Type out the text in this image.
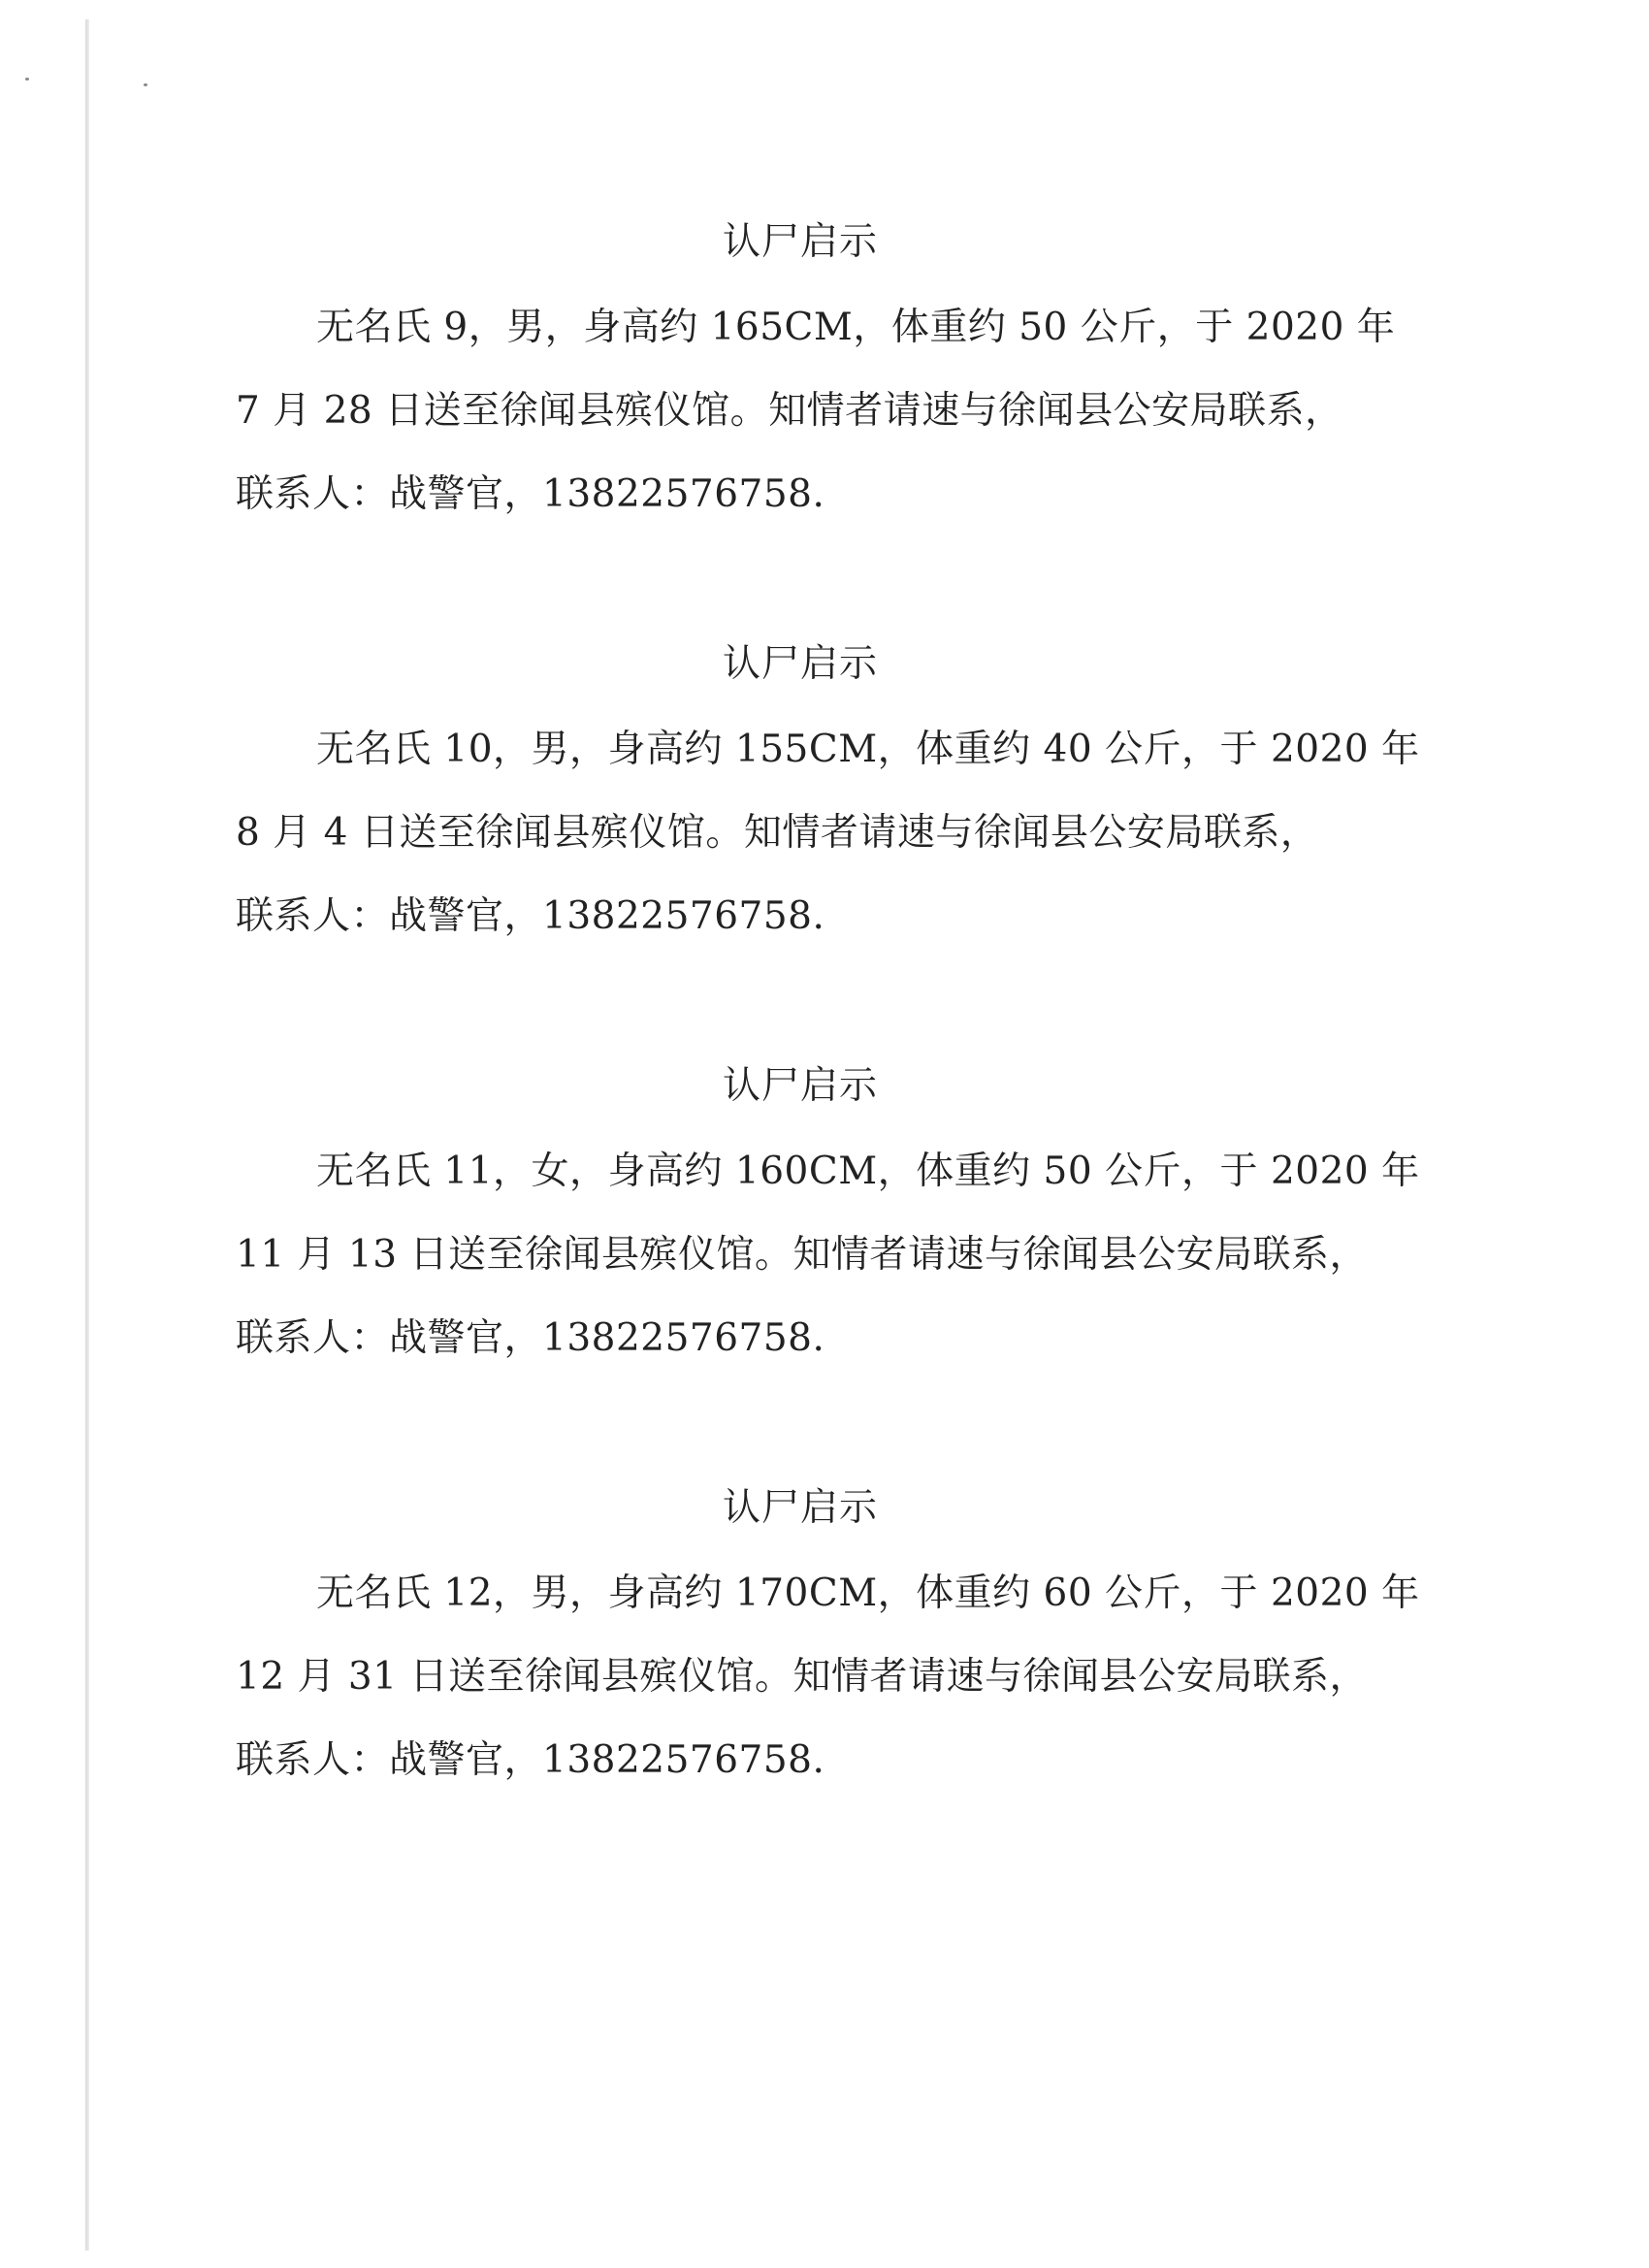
认尸启示
无名氏 9，男，身高约 165CM，体重约 50 公斤，于 2020 年
7 月 28 日送至徐闻县殡仪馆。知情者请速与徐闻县公安局联系，
联系人：战警官，13822576758.
认尸启示
无名氏 10，男，身高约 155CM，体重约 40 公斤，于 2020 年
8 月 4 日送至徐闻县殡仪馆。知情者请速与徐闻县公安局联系，
联系人：战警官，13822576758.
认尸启示
无名氏 11，女，身高约 160CM，体重约 50 公斤，于 2020 年
11 月 13 日送至徐闻县殡仪馆。知情者请速与徐闻县公安局联系，
联系人：战警官，13822576758.
认尸启示
无名氏 12，男，身高约 170CM，体重约 60 公斤，于 2020 年
12 月 31 日送至徐闻县殡仪馆。知情者请速与徐闻县公安局联系，
联系人：战警官，13822576758.
